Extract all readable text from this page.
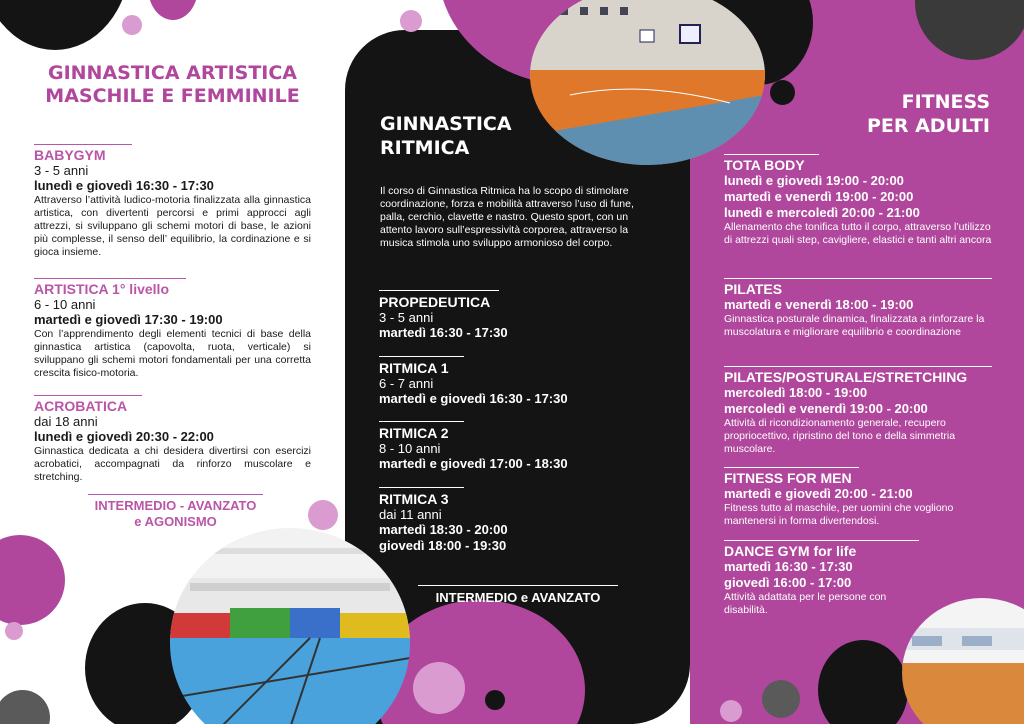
GINNASTICA ARTISTICA
MASCHILE E FEMMINILE
BABYGYM
3 - 5 anni
lunedì e giovedì 16:30 - 17:30
Attraverso l’attività ludico-motoria finalizzata alla ginnastica artistica, con divertenti percorsi e primi approcci agli attrezzi, si sviluppano gli schemi motori di base, le azioni più complesse, il senso dell’ equilibrio, la cordinazione e si gioca insieme.
ARTISTICA 1° livello
6 - 10 anni
martedì e giovedì 17:30 - 19:00
Con l’apprendimento degli elementi tecnici di base della ginnastica artistica (capovolta, ruota, verticale) si sviluppano gli schemi motori fondamentali per una corretta crescita fisico-motoria.
ACROBATICA
dai 18 anni
lunedì e giovedì 20:30 - 22:00
Ginnastica dedicata a chi desidera divertirsi con esercizi acrobatici, accompagnati da rinforzo muscolare e stretching.
INTERMEDIO - AVANZATO
e AGONISMO
GINNASTICA
RITMICA
Il corso di Ginnastica Ritmica ha lo scopo di stimolare coordinazione, forza e mobilità attraverso l’uso di fune, palla, cerchio, clavette e nastro. Questo sport, con un attento lavoro sull’espressività corporea, attraverso la musica stimola uno sviluppo armonioso del corpo.
PROPEDEUTICA
3 - 5 anni
martedì 16:30 - 17:30
RITMICA 1
6 - 7 anni
martedì e giovedì 16:30 - 17:30
RITMICA 2
8 - 10 anni
martedì e giovedì 17:00 - 18:30
RITMICA 3
dai 11 anni
martedì 18:30 - 20:00
giovedì 18:00 - 19:30
INTERMEDIO e AVANZATO
FITNESS
PER ADULTI
TOTA BODY
lunedì e giovedì 19:00 - 20:00
martedì e venerdì 19:00 - 20:00
lunedì e mercoledì 20:00 - 21:00
Allenamento che tonifica tutto il corpo, attraverso l’utilizzo di attrezzi quali step, cavigliere, elastici e tanti altri ancora
PILATES
martedì e venerdì 18:00 - 19:00
Ginnastica posturale dinamica, finalizzata a rinforzare la muscolatura e migliorare equilibrio e coordinazione
PILATES/POSTURALE/STRETCHING
mercoledì 18:00 - 19:00
mercoledì e venerdì 19:00 - 20:00
Attività di ricondizionamento generale, recupero propriocettivo, ripristino del tono e della simmetria muscolare.
FITNESS FOR MEN
martedì e giovedì 20:00 - 21:00
Fitness tutto al maschile, per uomini che vogliono mantenersi in forma divertendosi.
DANCE GYM for life
martedì 16:30 - 17:30
giovedì 16:00 - 17:00
Attività adattata per le persone con disabilità.
